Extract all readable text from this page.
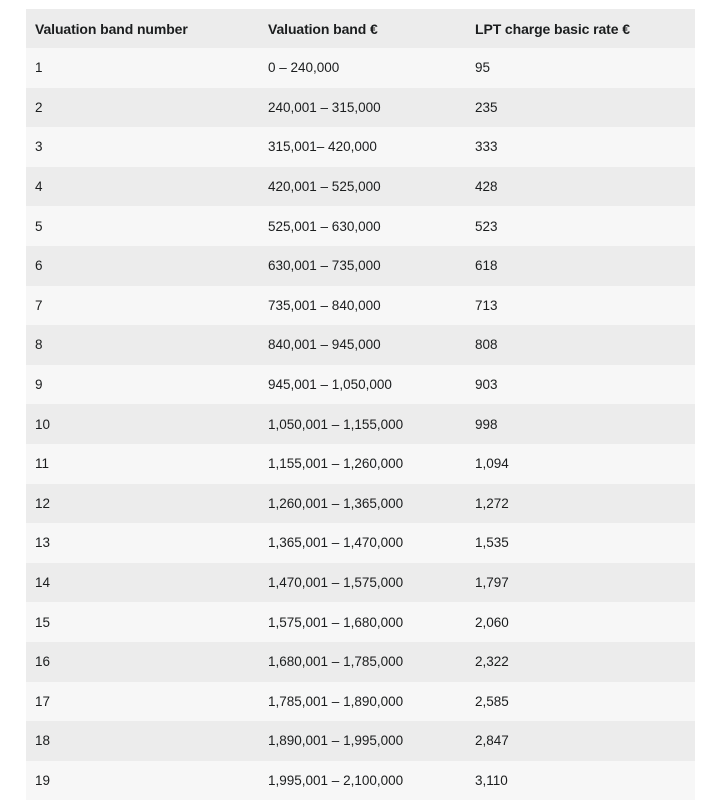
Valuation band number	Valuation band €	LPT charge basic rate €
1	0 – 240,000	95
2	240,001 – 315,000	235
3	315,001– 420,000	333
4	420,001 – 525,000	428
5	525,001 – 630,000	523
6	630,001 – 735,000	618
7	735,001 – 840,000	713
8	840,001 – 945,000	808
9	945,001 – 1,050,000	903
10	1,050,001 – 1,155,000	998
11	1,155,001 – 1,260,000	1,094
12	1,260,001 – 1,365,000	1,272
13	1,365,001 – 1,470,000	1,535
14	1,470,001 – 1,575,000	1,797
15	1,575,001 – 1,680,000	2,060
16	1,680,001 – 1,785,000	2,322
17	1,785,001 – 1,890,000	2,585
18	1,890,001 – 1,995,000	2,847
19	1,995,001 – 2,100,000	3,110
